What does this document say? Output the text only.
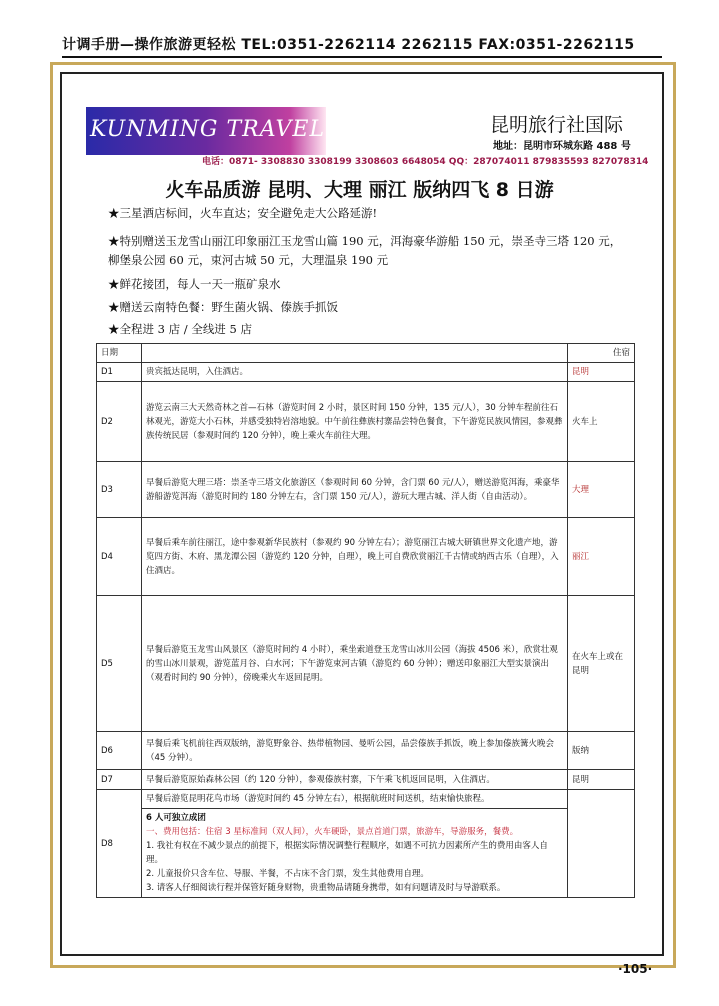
计调手册—操作旅游更轻松 TEL:0351-2262114 2262115 FAX:0351-2262115
KUNMING TRAVEL	昆明旅行社国际
地址：昆明市环城东路 488 号
电话：0871- 3308830 3308199 3308603 6648054 QQ：287074011 879835593 827078314
火车品质游 昆明、大理 丽江 版纳四飞 8 日游
★三星酒店标间，火车直达；安全避免走大公路延游!
★特别赠送玉龙雪山丽江印象丽江玉龙雪山篇 190 元，洱海豪华游船 150 元，崇圣寺三塔 120 元，
柳堡泉公园 60 元，束河古城 50 元，大理温泉 190 元
★鲜花接团，每人一天一瓶矿泉水
★赠送云南特色餐：野生菌火锅、傣族手抓饭
★全程进 3 店 / 全线进 5 店
日期		住宿
D1	贵宾抵达昆明，入住酒店。	昆明
D2	游览云南三大天然奇林之首—石林（游览时间 2 小时，景区时间 150 分钟，135 元/人），30 分钟车程前往石林观光，游览大小石林，并感受独特岩溶地貌。中午前往彝族村寨品尝特色餐食，下午游览民族风情园，参观彝族传统民居（参观时间约 120 分钟），晚上乘火车前往大理。	火车上
D3	早餐后游览大理三塔：崇圣寺三塔文化旅游区（参观时间 60 分钟，含门票 60 元/人），赠送游览洱海，乘豪华游船游览洱海（游览时间约 180 分钟左右，含门票 150 元/人），游玩大理古城、洋人街（自由活动）。	大理
D4	早餐后乘车前往丽江，途中参观新华民族村（参观约 90 分钟左右）；游览丽江古城大研镇世界文化遗产地，游览四方街、木府、黑龙潭公园（游览约 120 分钟，自理），晚上可自费欣赏丽江千古情或纳西古乐（自理），入住酒店。	丽江
D5	早餐后游览玉龙雪山风景区（游览时间约 4 小时），乘坐索道登玉龙雪山冰川公园（海拔 4506 米），欣赏壮观的雪山冰川景观，游览蓝月谷、白水河；下午游览束河古镇（游览约 60 分钟）；赠送印象丽江大型实景演出（观看时间约 90 分钟），傍晚乘火车返回昆明。	在火车上或在昆明
D6	早餐后乘飞机前往西双版纳，游览野象谷、热带植物园、曼听公园，品尝傣族手抓饭，晚上参加傣族篝火晚会（45 分钟）。	版纳
D7	早餐后游览原始森林公园（约 120 分钟），参观傣族村寨，下午乘飞机返回昆明，入住酒店。	昆明
D8	早餐后游览昆明花鸟市场（游览时间约 45 分钟左右），根据航班时间送机，结束愉快旅程。	

	6 人可独立成团
一、费用包括：住宿 3 星标准间（双人间），火车硬卧，景点首道门票，旅游车，导游服务，餐费。
1. 我社有权在不减少景点的前提下，根据实际情况调整行程顺序，如遇不可抗力因素所产生的费用由客人自理。
2. 儿童报价只含车位、导服、半餐，不占床不含门票，发生其他费用自理。
3. 请客人仔细阅读行程并保管好随身财物，贵重物品请随身携带，如有问题请及时与导游联系。	
·105·
